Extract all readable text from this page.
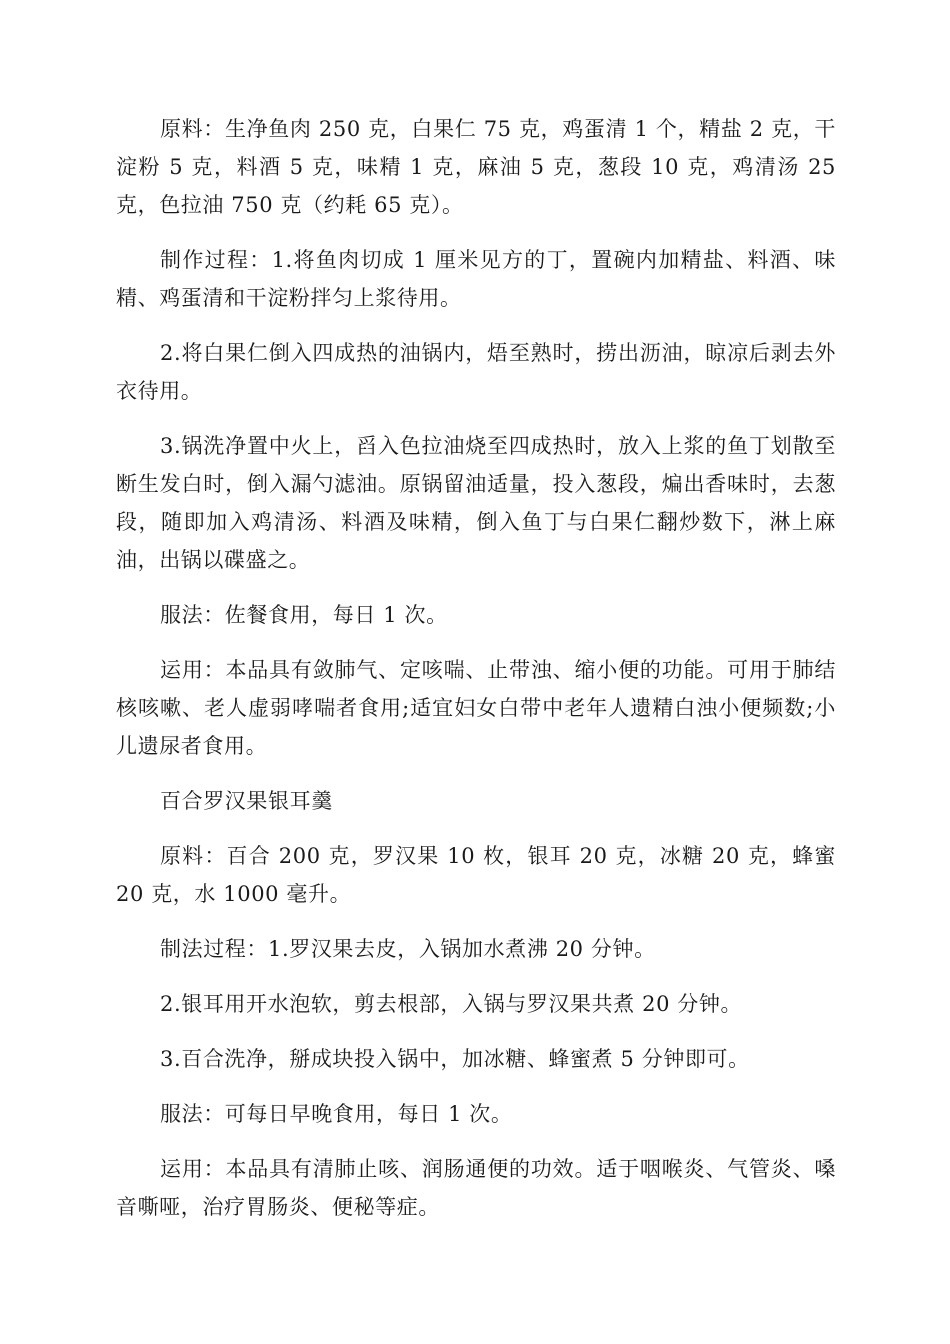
原料：生净鱼肉 250 克，白果仁 75 克，鸡蛋清 1 个，精盐 2 克，干淀粉 5 克，料酒 5 克，味精 1 克，麻油 5 克，葱段 10 克，鸡清汤 25 克，色拉油 750 克（约耗 65 克）。

制作过程：1.将鱼肉切成 1 厘米见方的丁，置碗内加精盐、料酒、味精、鸡蛋清和干淀粉拌匀上浆待用。

2.将白果仁倒入四成热的油锅内，焐至熟时，捞出沥油，晾凉后剥去外衣待用。

3.锅洗净置中火上，舀入色拉油烧至四成热时，放入上浆的鱼丁划散至断生发白时，倒入漏勺滤油。原锅留油适量，投入葱段，煸出香味时，去葱段，随即加入鸡清汤、料酒及味精，倒入鱼丁与白果仁翻炒数下，淋上麻油，出锅以碟盛之。

服法：佐餐食用，每日 1 次。

运用：本品具有敛肺气、定咳喘、止带浊、缩小便的功能。可用于肺结核咳嗽、老人虚弱哮喘者食用;适宜妇女白带中老年人遗精白浊小便频数;小儿遗尿者食用。

百合罗汉果银耳羹

原料：百合 200 克，罗汉果 10 枚，银耳 20 克，冰糖 20 克，蜂蜜 20 克，水 1000 毫升。

制法过程：1.罗汉果去皮，入锅加水煮沸 20 分钟。

2.银耳用开水泡软，剪去根部，入锅与罗汉果共煮 20 分钟。

3.百合洗净，掰成块投入锅中，加冰糖、蜂蜜煮 5 分钟即可。

服法：可每日早晚食用，每日 1 次。

运用：本品具有清肺止咳、润肠通便的功效。适于咽喉炎、气管炎、嗓音嘶哑，治疗胃肠炎、便秘等症。
